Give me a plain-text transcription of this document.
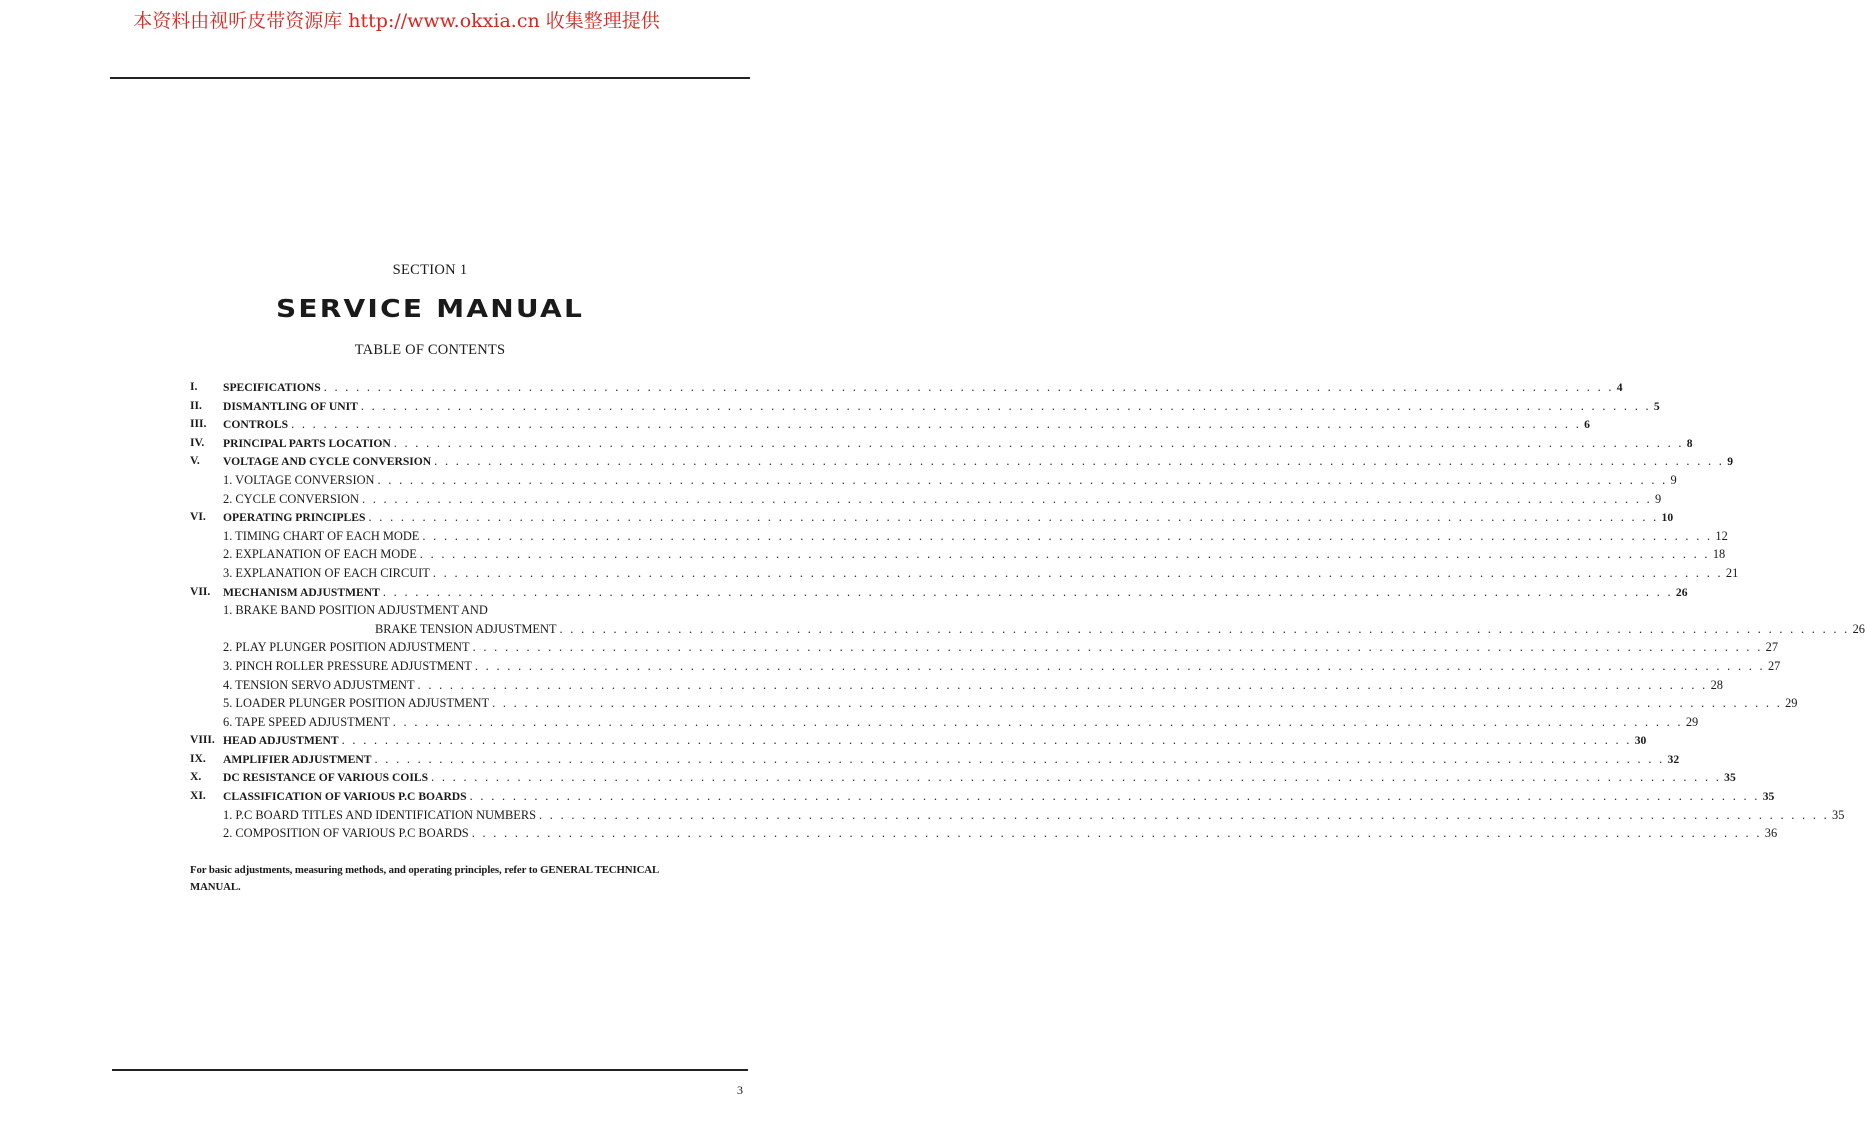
本资料由视听皮带资源库 http://www.okxia.cn 收集整理提供
SECTION 1
SERVICE MANUAL
TABLE OF CONTENTS
I.	SPECIFICATIONS . . . . . . . . . . . . . . . . . . . . . . . . . . . . . . . . . . . . . . . . . . . . . . . . . . . . . . . . . . . . . . . . . . . . . . . . . . . . . . . . . . . . . . . . . . . . . . . . . . . . . . . . . . . . . . . . . . . . . . . . 4
II.	DISMANTLING OF UNIT . . . . . . . . . . . . . . . . . . . . . . . . . . . . . . . . . . . . . . . . . . . . . . . . . . . . . . . . . . . . . . . . . . . . . . . . . . . . . . . . . . . . . . . . . . . . . . . . . . . . . . . . . . . . . . . . . . . . . . . . 5
III.	CONTROLS . . . . . . . . . . . . . . . . . . . . . . . . . . . . . . . . . . . . . . . . . . . . . . . . . . . . . . . . . . . . . . . . . . . . . . . . . . . . . . . . . . . . . . . . . . . . . . . . . . . . . . . . . . . . . . . . . . . . . . . . 6
IV.	PRINCIPAL PARTS LOCATION . . . . . . . . . . . . . . . . . . . . . . . . . . . . . . . . . . . . . . . . . . . . . . . . . . . . . . . . . . . . . . . . . . . . . . . . . . . . . . . . . . . . . . . . . . . . . . . . . . . . . . . . . . . . . . . . . . . . . . . . 8
V.	VOLTAGE AND CYCLE CONVERSION . . . . . . . . . . . . . . . . . . . . . . . . . . . . . . . . . . . . . . . . . . . . . . . . . . . . . . . . . . . . . . . . . . . . . . . . . . . . . . . . . . . . . . . . . . . . . . . . . . . . . . . . . . . . . . . . . . . . . . . . 9
1. VOLTAGE CONVERSION . . . . . . . . . . . . . . . . . . . . . . . . . . . . . . . . . . . . . . . . . . . . . . . . . . . . . . . . . . . . . . . . . . . . . . . . . . . . . . . . . . . . . . . . . . . . . . . . . . . . . . . . . . . . . . . . . . . . . . . . 9
2. CYCLE CONVERSION . . . . . . . . . . . . . . . . . . . . . . . . . . . . . . . . . . . . . . . . . . . . . . . . . . . . . . . . . . . . . . . . . . . . . . . . . . . . . . . . . . . . . . . . . . . . . . . . . . . . . . . . . . . . . . . . . . . . . . . . 9
VI.	OPERATING PRINCIPLES . . . . . . . . . . . . . . . . . . . . . . . . . . . . . . . . . . . . . . . . . . . . . . . . . . . . . . . . . . . . . . . . . . . . . . . . . . . . . . . . . . . . . . . . . . . . . . . . . . . . . . . . . . . . . . . . . . . . . . . . 10
1. TIMING CHART OF EACH MODE . . . . . . . . . . . . . . . . . . . . . . . . . . . . . . . . . . . . . . . . . . . . . . . . . . . . . . . . . . . . . . . . . . . . . . . . . . . . . . . . . . . . . . . . . . . . . . . . . . . . . . . . . . . . . . . . . . . . . . . . 12
2. EXPLANATION OF EACH MODE . . . . . . . . . . . . . . . . . . . . . . . . . . . . . . . . . . . . . . . . . . . . . . . . . . . . . . . . . . . . . . . . . . . . . . . . . . . . . . . . . . . . . . . . . . . . . . . . . . . . . . . . . . . . . . . . . . . . . . . . 18
3. EXPLANATION OF EACH CIRCUIT . . . . . . . . . . . . . . . . . . . . . . . . . . . . . . . . . . . . . . . . . . . . . . . . . . . . . . . . . . . . . . . . . . . . . . . . . . . . . . . . . . . . . . . . . . . . . . . . . . . . . . . . . . . . . . . . . . . . . . . . 21
VII.	MECHANISM ADJUSTMENT . . . . . . . . . . . . . . . . . . . . . . . . . . . . . . . . . . . . . . . . . . . . . . . . . . . . . . . . . . . . . . . . . . . . . . . . . . . . . . . . . . . . . . . . . . . . . . . . . . . . . . . . . . . . . . . . . . . . . . . . 26
1. BRAKE BAND POSITION ADJUSTMENT AND
BRAKE TENSION ADJUSTMENT . . . . . . . . . . . . . . . . . . . . . . . . . . . . . . . . . . . . . . . . . . . . . . . . . . . . . . . . . . . . . . . . . . . . . . . . . . . . . . . . . . . . . . . . . . . . . . . . . . . . . . . . . . . . . . . . . . . . . . . . 26
2. PLAY PLUNGER POSITION ADJUSTMENT . . . . . . . . . . . . . . . . . . . . . . . . . . . . . . . . . . . . . . . . . . . . . . . . . . . . . . . . . . . . . . . . . . . . . . . . . . . . . . . . . . . . . . . . . . . . . . . . . . . . . . . . . . . . . . . . . . . . . . . . 27
3. PINCH ROLLER PRESSURE ADJUSTMENT . . . . . . . . . . . . . . . . . . . . . . . . . . . . . . . . . . . . . . . . . . . . . . . . . . . . . . . . . . . . . . . . . . . . . . . . . . . . . . . . . . . . . . . . . . . . . . . . . . . . . . . . . . . . . . . . . . . . . . . . 27
4. TENSION SERVO ADJUSTMENT . . . . . . . . . . . . . . . . . . . . . . . . . . . . . . . . . . . . . . . . . . . . . . . . . . . . . . . . . . . . . . . . . . . . . . . . . . . . . . . . . . . . . . . . . . . . . . . . . . . . . . . . . . . . . . . . . . . . . . . . 28
5. LOADER PLUNGER POSITION ADJUSTMENT . . . . . . . . . . . . . . . . . . . . . . . . . . . . . . . . . . . . . . . . . . . . . . . . . . . . . . . . . . . . . . . . . . . . . . . . . . . . . . . . . . . . . . . . . . . . . . . . . . . . . . . . . . . . . . . . . . . . . . . . 29
6. TAPE SPEED ADJUSTMENT . . . . . . . . . . . . . . . . . . . . . . . . . . . . . . . . . . . . . . . . . . . . . . . . . . . . . . . . . . . . . . . . . . . . . . . . . . . . . . . . . . . . . . . . . . . . . . . . . . . . . . . . . . . . . . . . . . . . . . . . 29
VIII. HEAD ADJUSTMENT . . . . . . . . . . . . . . . . . . . . . . . . . . . . . . . . . . . . . . . . . . . . . . . . . . . . . . . . . . . . . . . . . . . . . . . . . . . . . . . . . . . . . . . . . . . . . . . . . . . . . . . . . . . . . . . . . . . . . . . . 30
IX.	AMPLIFIER ADJUSTMENT . . . . . . . . . . . . . . . . . . . . . . . . . . . . . . . . . . . . . . . . . . . . . . . . . . . . . . . . . . . . . . . . . . . . . . . . . . . . . . . . . . . . . . . . . . . . . . . . . . . . . . . . . . . . . . . . . . . . . . . . 32
X.	DC RESISTANCE OF VARIOUS COILS . . . . . . . . . . . . . . . . . . . . . . . . . . . . . . . . . . . . . . . . . . . . . . . . . . . . . . . . . . . . . . . . . . . . . . . . . . . . . . . . . . . . . . . . . . . . . . . . . . . . . . . . . . . . . . . . . . . . . . . . 35
XI.	CLASSIFICATION OF VARIOUS P.C BOARDS . . . . . . . . . . . . . . . . . . . . . . . . . . . . . . . . . . . . . . . . . . . . . . . . . . . . . . . . . . . . . . . . . . . . . . . . . . . . . . . . . . . . . . . . . . . . . . . . . . . . . . . . . . . . . . . . . . . . . . . . 35
1. P.C BOARD TITLES AND IDENTIFICATION NUMBERS . . . . . . . . . . . . . . . . . . . . . . . . . . . . . . . . . . . . . . . . . . . . . . . . . . . . . . . . . . . . . . . . . . . . . . . . . . . . . . . . . . . . . . . . . . . . . . . . . . . . . . . . . . . . . . . . . . . . . . . . 35
2. COMPOSITION OF VARIOUS P.C BOARDS . . . . . . . . . . . . . . . . . . . . . . . . . . . . . . . . . . . . . . . . . . . . . . . . . . . . . . . . . . . . . . . . . . . . . . . . . . . . . . . . . . . . . . . . . . . . . . . . . . . . . . . . . . . . . . . . . . . . . . . . 36
For basic adjustments, measuring methods, and operating principles, refer to GENERAL TECHNICAL MANUAL.
3
